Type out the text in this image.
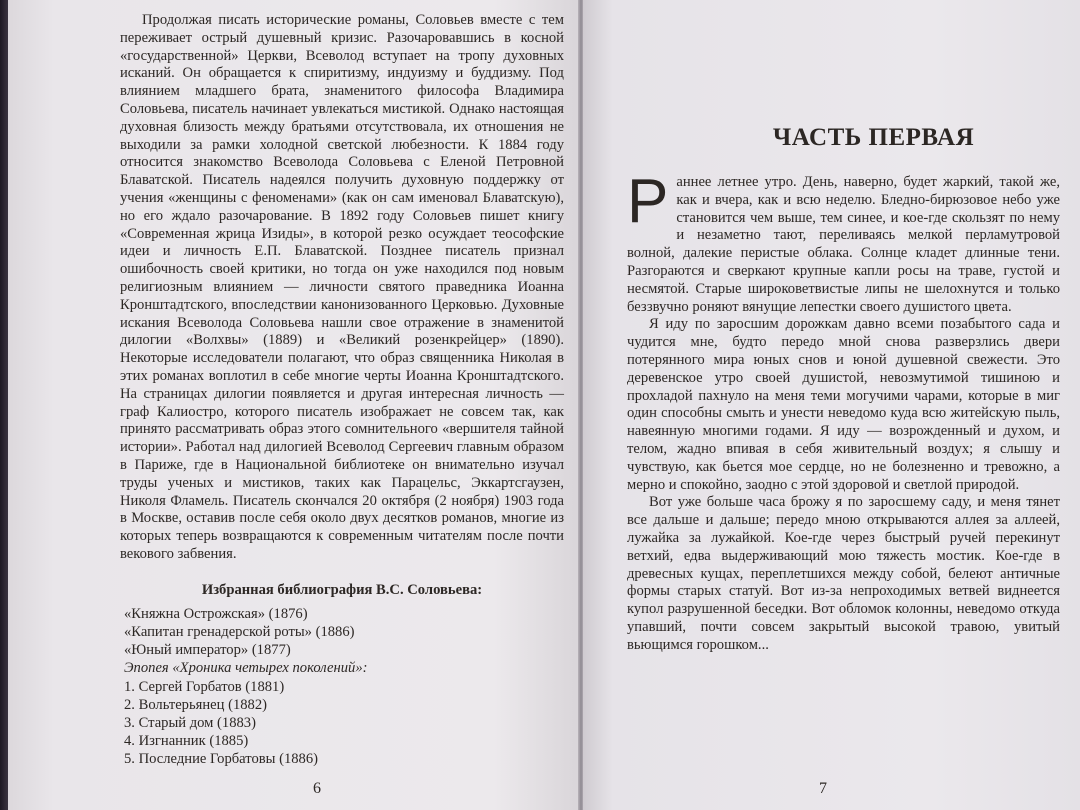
Продолжая писать исторические романы, Соловьев вместе с тем переживает острый душевный кризис. Разочаровавшись в косной «государственной» Церкви, Всеволод вступает на тропу духовных исканий. Он обращается к спиритизму, индуизму и буддизму. Под влиянием младшего брата, знаменитого философа Владимира Соловьева, писатель начинает увлекаться мистикой. Однако настоящая духовная близость между братьями отсутствовала, их отношения не выходили за рамки холодной светской любезности. К 1884 году относится знакомство Всеволода Соловьева с Еленой Петровной Блаватской. Писатель надеялся получить духовную поддержку от учения «женщины с феноменами» (как он сам именовал Блаватскую), но его ждало разочарование. В 1892 году Соловьев пишет книгу «Современная жрица Изиды», в которой резко осуждает теософские идеи и личность Е.П. Блаватской. Позднее писатель признал ошибочность своей критики, но тогда он уже находился под новым религиозным влиянием — личности святого праведника Иоанна Кронштадтского, впоследствии канонизованного Церковью. Духовные искания Всеволода Соловьева нашли свое отражение в знаменитой дилогии «Волхвы» (1889) и «Великий розенкрейцер» (1890). Некоторые исследователи полагают, что образ священника Николая в этих романах воплотил в себе многие черты Иоанна Кронштадтского. На страницах дилогии появляется и другая интересная личность — граф Калиостро, которого писатель изображает не совсем так, как принято рассматривать образ этого сомнительного «вершителя тайной истории». Работал над дилогией Всеволод Сергеевич главным образом в Париже, где в Национальной библиотеке он внимательно изучал труды ученых и мистиков, таких как Парацельс, Эккартсгаузен, Николя Фламель. Писатель скончался 20 октября (2 ноября) 1903 года в Москве, оставив после себя около двух десятков романов, многие из которых теперь возвращаются к современным читателям после почти векового забвения.

Избранная библиография В.С. Соловьева:
«Княжна Острожская» (1876)
«Капитан гренадерской роты» (1886)
«Юный император» (1877)
Эпопея «Хроника четырех поколений»:
1. Сергей Горбатов (1881)
2. Вольтерьянец (1882)
3. Старый дом (1883)
4. Изгнанник (1885)
5. Последние Горбатовы (1886)
6
ЧАСТЬ ПЕРВАЯ

Раннее летнее утро. День, наверно, будет жаркий, такой же, как и вчера, как и всю неделю. Бледно-бирюзовое небо уже становится чем выше, тем синее, и кое-где скользят по нему и незаметно тают, переливаясь мелкой перламутровой волной, далекие перистые облака. Солнце кладет длинные тени. Разгораются и сверкают крупные капли росы на траве, густой и несмятой. Старые широковетвистые липы не шелохнутся и только беззвучно роняют вянущие лепестки своего душистого цвета.

Я иду по заросшим дорожкам давно всеми позабытого сада и чудится мне, будто передо мной снова разверзлись двери потерянного мира юных снов и юной душевной свежести. Это деревенское утро своей душистой, невозмутимой тишиною и прохладой пахнуло на меня теми могучими чарами, которые в миг один способны смыть и унести неведомо куда всю житейскую пыль, навеянную многими годами. Я иду — возрожденный и духом, и телом, жадно впивая в себя живительный воздух; я слышу и чувствую, как бьется мое сердце, но не болезненно и тревожно, а мерно и спокойно, заодно с этой здоровой и светлой природой.

Вот уже больше часа брожу я по заросшему саду, и меня тянет все дальше и дальше; передо мною открываются аллея за аллеей, лужайка за лужайкой. Кое-где через быстрый ручей перекинут ветхий, едва выдерживающий мою тяжесть мостик. Кое-где в древесных кущах, переплетшихся между собой, белеют античные формы старых статуй. Вот из-за непроходимых ветвей виднеется купол разрушенной беседки. Вот обломок колонны, неведомо откуда упавший, почти совсем закрытый высокой травою, увитый вьющимся горошком...

7
